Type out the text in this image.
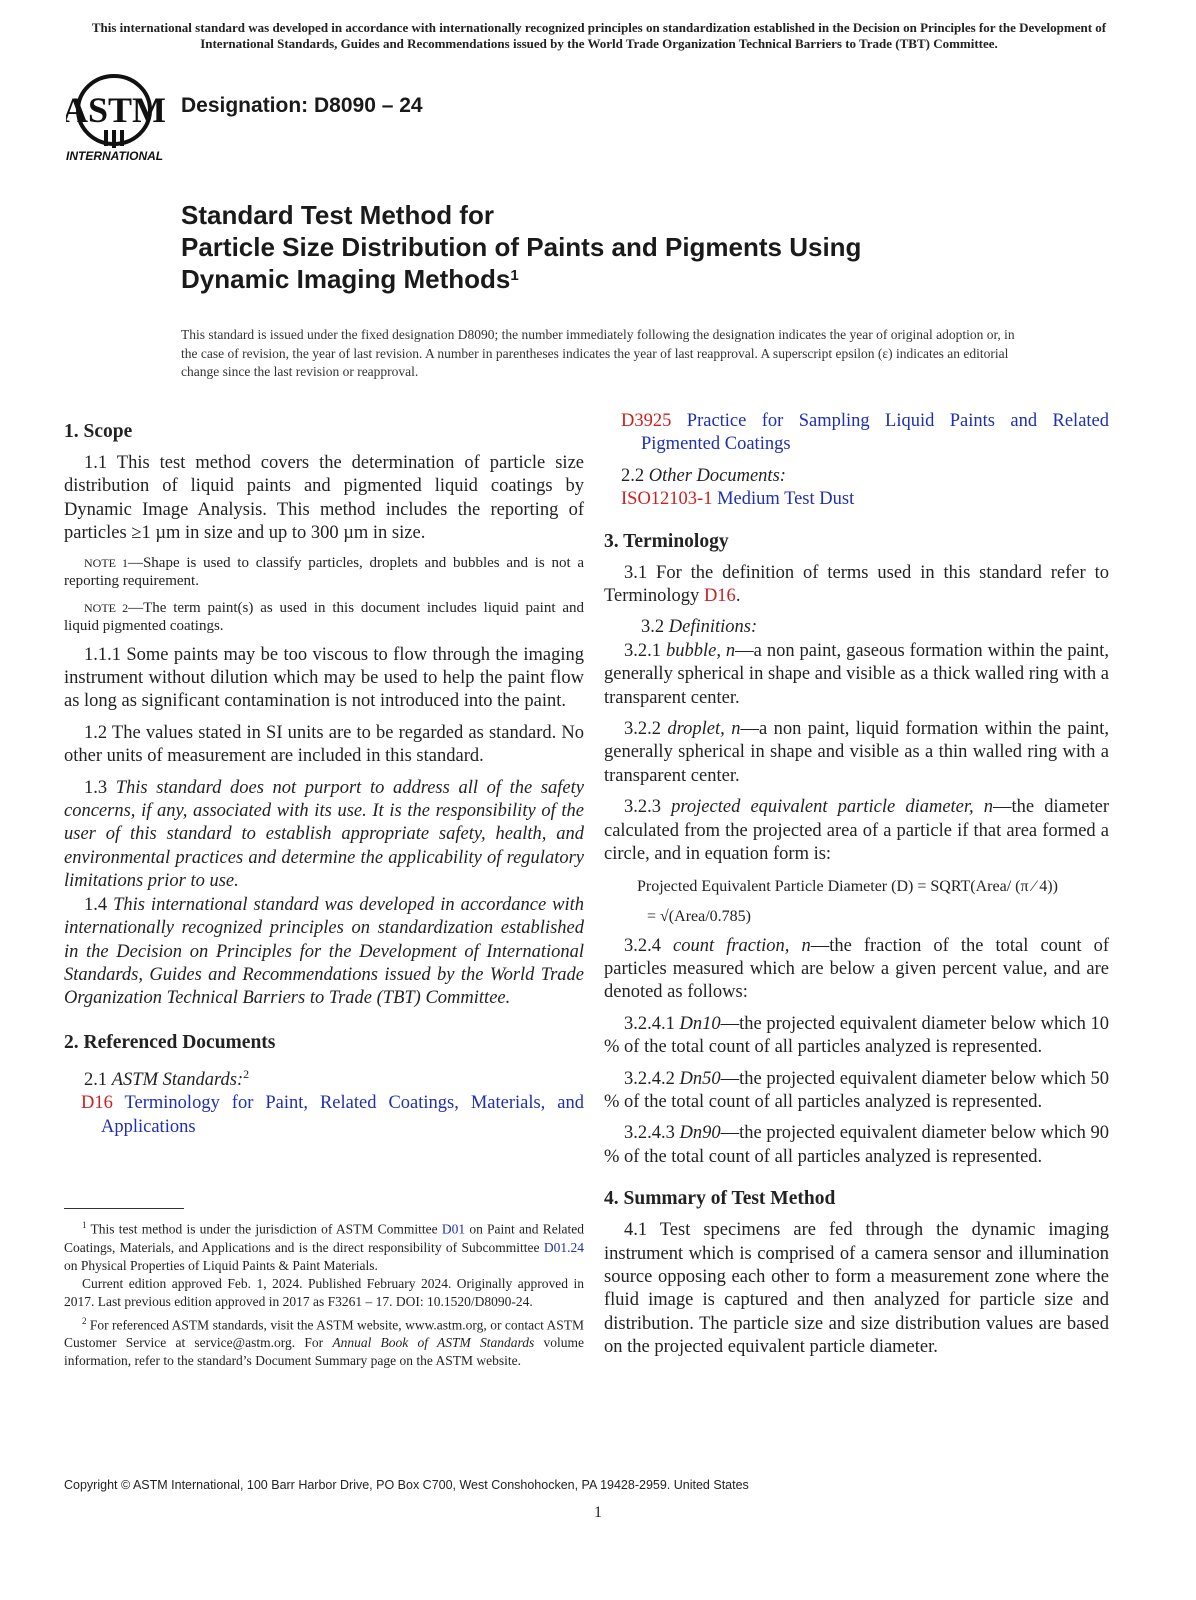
This international standard was developed in accordance with internationally recognized principles on standardization established in the Decision on Principles for the Development of International Standards, Guides and Recommendations issued by the World Trade Organization Technical Barriers to Trade (TBT) Committee.
ASTM
INTERNATIONAL
Designation: D8090 – 24
Standard Test Method for
Particle Size Distribution of Paints and Pigments Using
Dynamic Imaging Methods$^1$
This standard is issued under the fixed designation D8090; the number immediately following the designation indicates the year of original adoption or, in the case of revision, the year of last revision. A number in parentheses indicates the year of last reapproval. A superscript epsilon (ε) indicates an editorial change since the last revision or reapproval.
1. Scope

1.1 This test method covers the determination of particle size distribution of liquid paints and pigmented liquid coatings by Dynamic Image Analysis. This method includes the reporting of particles ≥1 µm in size and up to 300 µm in size.

NOTE 1—Shape is used to classify particles, droplets and bubbles and is not a reporting requirement.

NOTE 2—The term paint(s) as used in this document includes liquid paint and liquid pigmented coatings.

1.1.1 Some paints may be too viscous to flow through the imaging instrument without dilution which may be used to help the paint flow as long as significant contamination is not introduced into the paint.

1.2 The values stated in SI units are to be regarded as standard. No other units of measurement are included in this standard.

1.3 This standard does not purport to address all of the safety concerns, if any, associated with its use. It is the responsibility of the user of this standard to establish appropriate safety, health, and environmental practices and determine the applicability of regulatory limitations prior to use.

1.4 This international standard was developed in accordance with internationally recognized principles on standardization established in the Decision on Principles for the Development of International Standards, Guides and Recommendations issued by the World Trade Organization Technical Barriers to Trade (TBT) Committee.

2. Referenced Documents

2.1 ASTM Standards:$^2$

D16 Terminology for Paint, Related Coatings, Materials, and Applications

D3925 Practice for Sampling Liquid Paints and Related Pigmented Coatings

2.2 Other Documents:

ISO12103-1 Medium Test Dust

3. Terminology

3.1 For the definition of terms used in this standard refer to Terminology D16.

3.2 Definitions:

3.2.1 bubble, n—a non paint, gaseous formation within the paint, generally spherical in shape and visible as a thick walled ring with a transparent center.

3.2.2 droplet, n—a non paint, liquid formation within the paint, generally spherical in shape and visible as a thin walled ring with a transparent center.

3.2.3 projected equivalent particle diameter, n—the diameter calculated from the projected area of a particle if that area formed a circle, and in equation form is:

Projected Equivalent Particle Diameter (D) = SQRT(Area/ (π ⁄ 4))
= √(Area/0.785)

3.2.4 count fraction, n—the fraction of the total count of particles measured which are below a given percent value, and are denoted as follows:

3.2.4.1 Dn10—the projected equivalent diameter below which 10 % of the total count of all particles analyzed is represented.

3.2.4.2 Dn50—the projected equivalent diameter below which 50 % of the total count of all particles analyzed is represented.

3.2.4.3 Dn90—the projected equivalent diameter below which 90 % of the total count of all particles analyzed is represented.

4. Summary of Test Method

4.1 Test specimens are fed through the dynamic imaging instrument which is comprised of a camera sensor and illumination source opposing each other to form a measurement zone where the fluid image is captured and then analyzed for particle size and distribution. The particle size and size distribution values are based on the projected equivalent particle diameter.

$^1$ This test method is under the jurisdiction of ASTM Committee D01 on Paint and Related Coatings, Materials, and Applications and is the direct responsibility of Subcommittee D01.24 on Physical Properties of Liquid Paints & Paint Materials.

Current edition approved Feb. 1, 2024. Published February 2024. Originally approved in 2017. Last previous edition approved in 2017 as F3261 – 17. DOI: 10.1520/D8090-24.

$^2$ For referenced ASTM standards, visit the ASTM website, www.astm.org, or contact ASTM Customer Service at service@astm.org. For Annual Book of ASTM Standards volume information, refer to the standard’s Document Summary page on the ASTM website.

Copyright © ASTM International, 100 Barr Harbor Drive, PO Box C700, West Conshohocken, PA 19428-2959. United States
1
